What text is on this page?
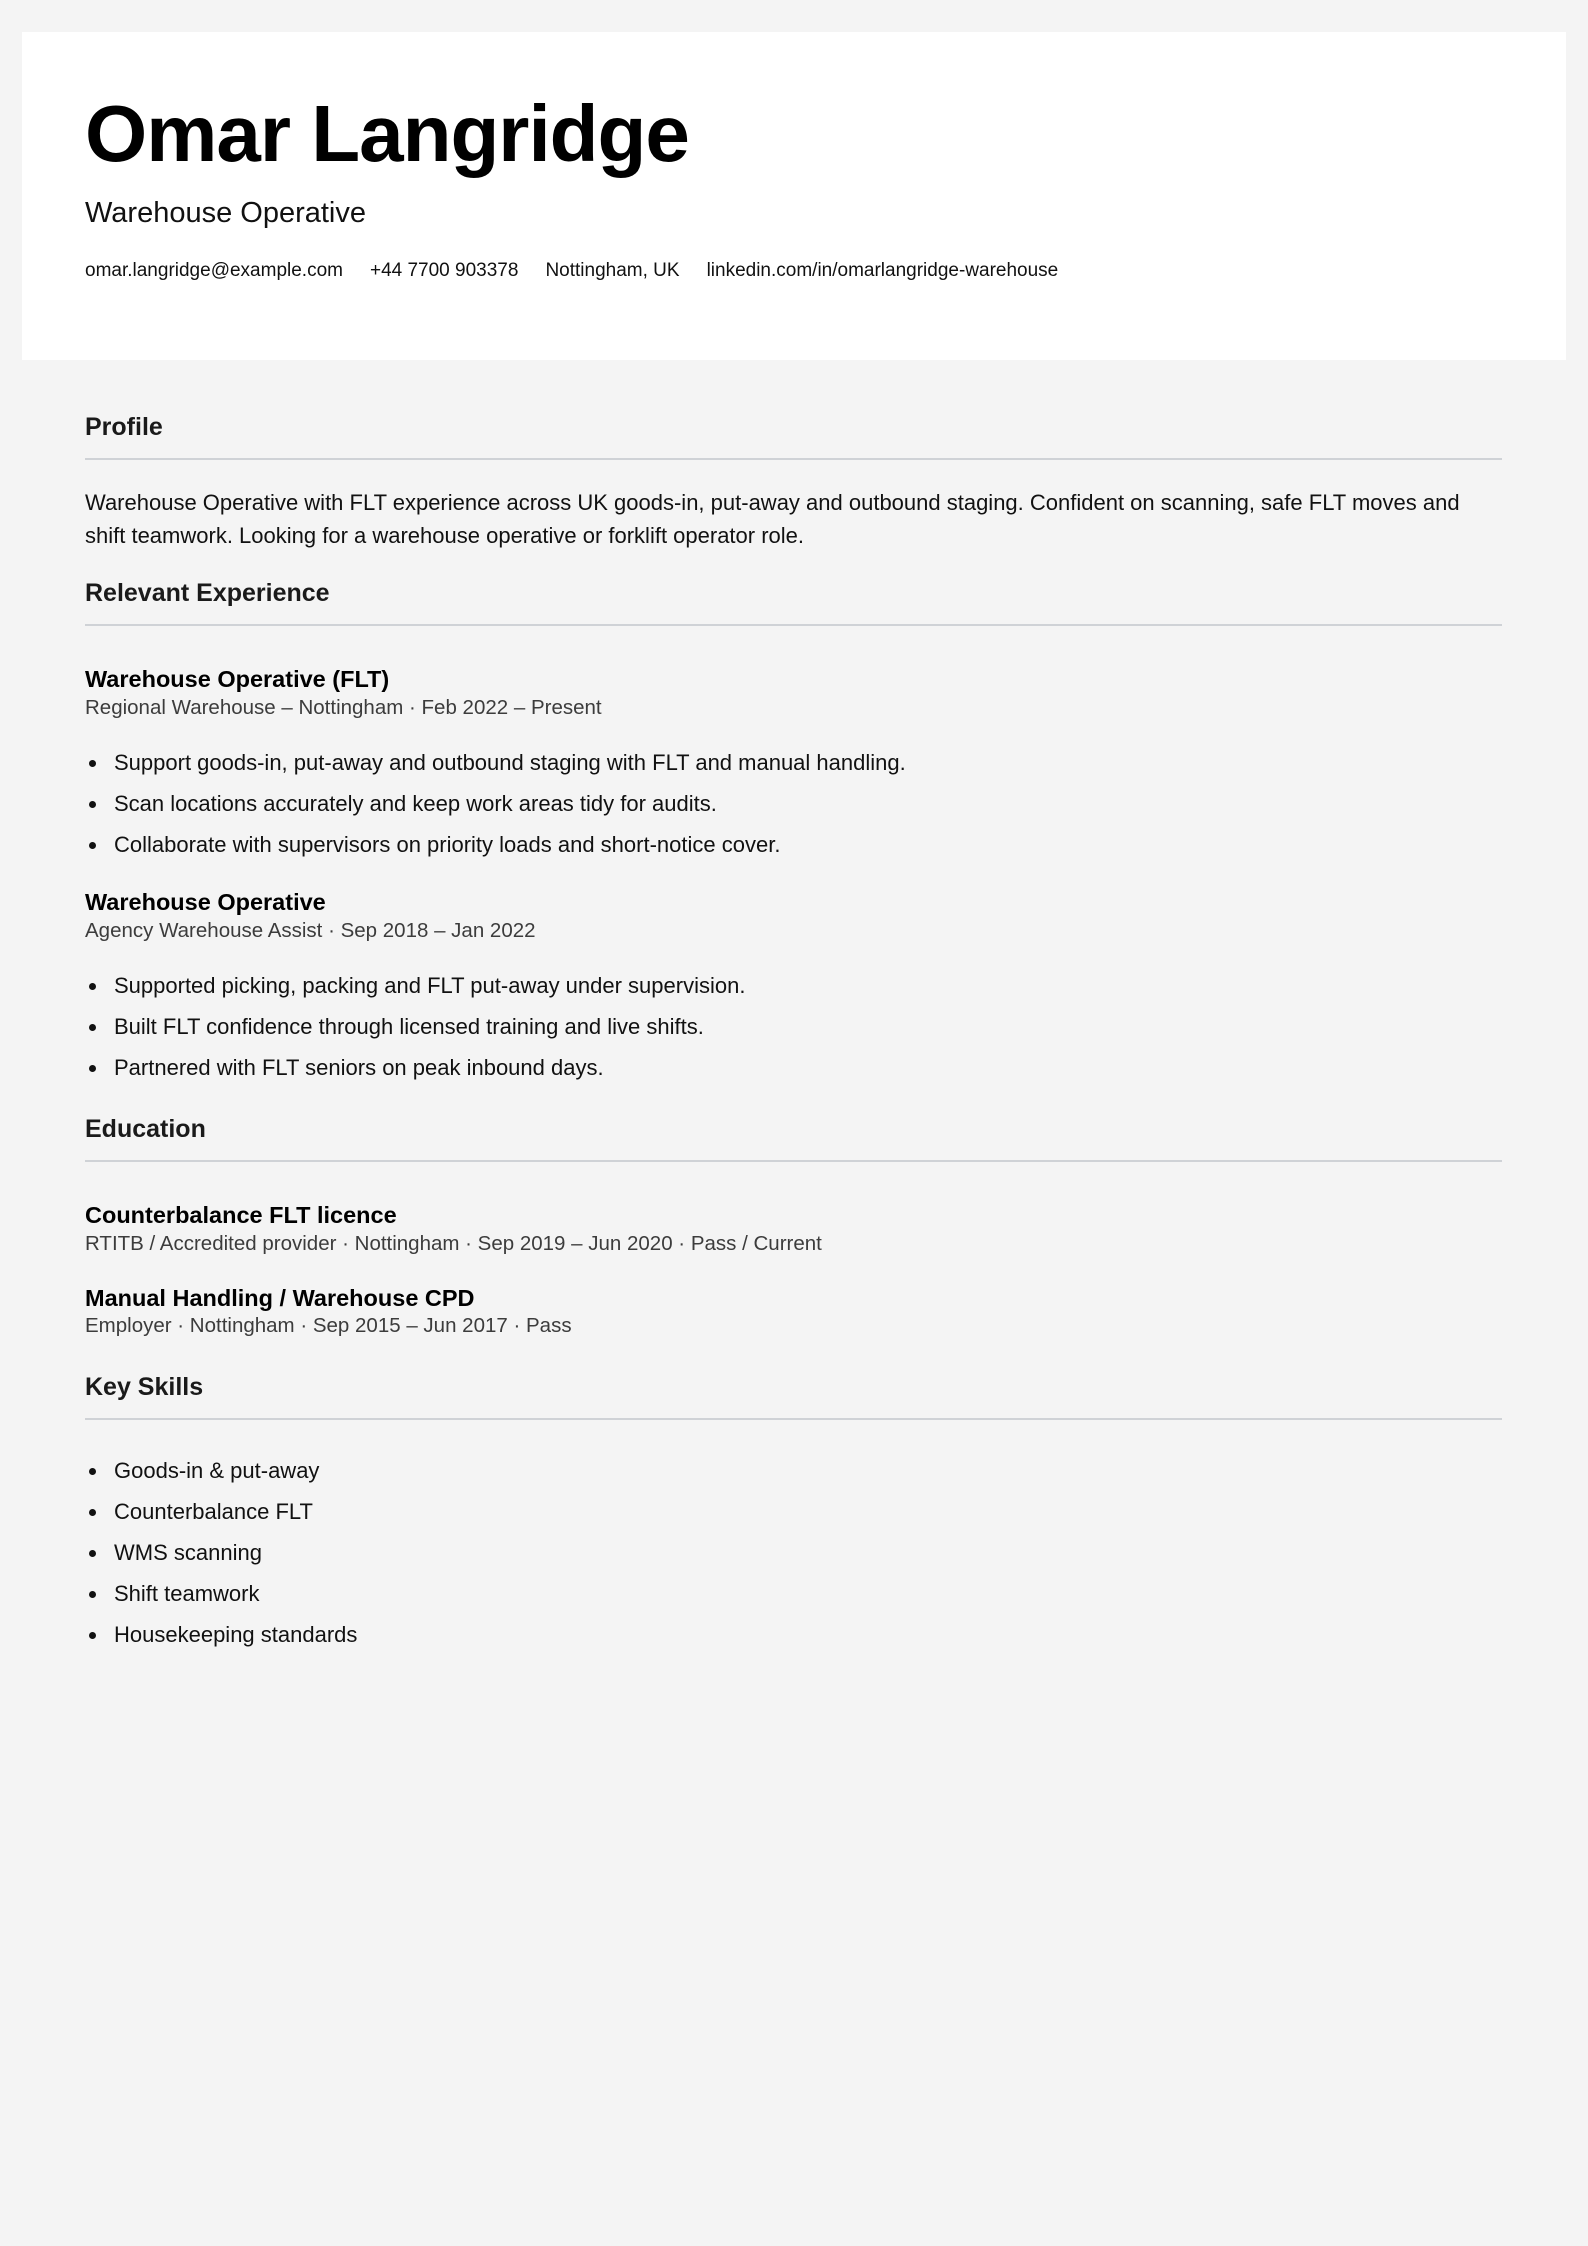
Omar Langridge
Warehouse Operative
omar.langridge@example.com +44 7700 903378 Nottingham, UK linkedin.com/in/omarlangridge-warehouse
Profile

Warehouse Operative with FLT experience across UK goods-in, put-away and outbound staging. Confident on scanning, safe FLT moves and shift teamwork. Looking for a warehouse operative or forklift operator role.

Relevant Experience
Warehouse Operative (FLT)

Regional Warehouse – Nottingham · Feb 2022 – Present

Support goods-in, put-away and outbound staging with FLT and manual handling.
Scan locations accurately and keep work areas tidy for audits.
Collaborate with supervisors on priority loads and short-notice cover.
Warehouse Operative

Agency Warehouse Assist · Sep 2018 – Jan 2022

Supported picking, packing and FLT put-away under supervision.
Built FLT confidence through licensed training and live shifts.
Partnered with FLT seniors on peak inbound days.
Education
Counterbalance FLT licence

RTITB / Accredited provider · Nottingham · Sep 2019 – Jun 2020 · Pass / Current

Manual Handling / Warehouse CPD

Employer · Nottingham · Sep 2015 – Jun 2017 · Pass

Key Skills
Goods-in & put-away
Counterbalance FLT
WMS scanning
Shift teamwork
Housekeeping standards
